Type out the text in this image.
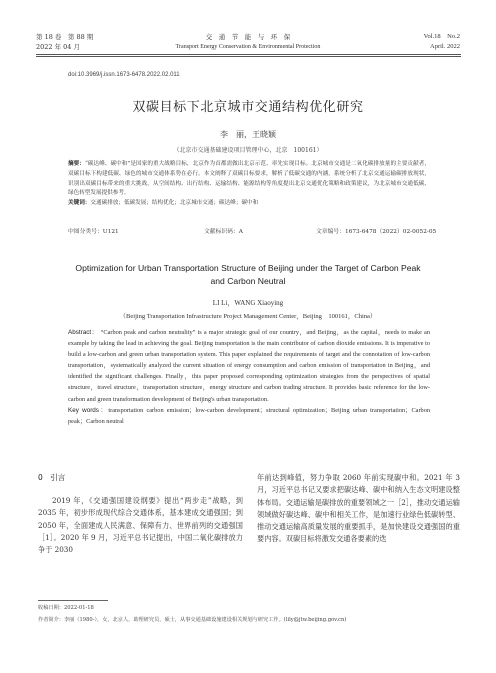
第 18 卷　第 88 期
2022 年 04 月
交　通　节　能　与　环　保
Transport Energy Conservation & Environmental Protection
Vol.18　No.2
April. 2022
doi:10.3969/j.issn.1673-6478.2022.02.011
双碳目标下北京城市交通结构优化研究
李　丽，王晓颖
（北京市交通基础建设项目管理中心，北京　100161）
摘要：“碳达峰、碳中和”是国家的重大战略目标，北京作为首都需做出北京示范、率先实现目标。北京城市交通是二氧化碳排放量的主要贡献者，双碳目标下构建低碳、绿色的城市交通体系势在必行。本文阐释了双碳目标要求，解析了低碳交通的内涵，系统分析了北京交通运输碳排放现状，识别出双碳目标带来的重大挑战。从空间结构、出行结构、运输结构、能源结构等角度提出北京交通优化策略和政策建议，为北京城市交通低碳、绿色转型发展提供参考。
关键词：交通碳排放；低碳发展；结构优化；北京城市交通；碳达峰；碳中和
中图分类号：U121	文献标识码：A	文章编号：1673-6478（2022）02-0052-05
Optimization for Urban Transportation Structure of Beijing under the Target of Carbon Peak
and Carbon Neutral
LI Li，WANG Xiaoying
（Beijing Transportation Infrastructure Project Management Center，Beijing　100161，China）
Abstract： “Carbon peak and carbon neutrality” is a major strategic goal of our country，and Beijing，as the capital，needs to make an example by taking the lead in achieving the goal. Beijing transportation is the main contributor of carbon dioxide emissions. It is imperative to build a low-carbon and green urban transportation system. This paper explained the requirements of target and the connotation of low-carbon transportation，systematically analyzed the current situation of energy consumption and carbon emission of transportation in Beijing，and identified the significant challenges. Finally，this paper proposed corresponding optimization strategies from the perspectives of spatial structure，travel structure，transportation structure，energy structure and carbon trading structure. It provides basic reference for the low-carbon and green transformation development of Beijing's urban transportation.
Key words：transportation carbon emission；low-carbon development；structural optimization；Beijing urban transportation；Carbon peak；Carbon neutral
0　引言
2019 年，《交通强国建设纲要》提出“两步走”战略，到 2035 年，初步形成现代综合交通体系，基本建成交通强国；到 2050 年，全面建成人民满意、保障有力、世界前列的交通强国［1］。2020 年 9 月，习近平总书记提出，中国二氧化碳排放力争于 2030
年前达到峰值，努力争取 2060 年前实现碳中和。2021 年 3 月，习近平总书记又要求把碳达峰、碳中和纳入生态文明建设整体布局。交通运输是碳排放的重要领域之一［2］，推动交通运输领域做好碳达峰、碳中和相关工作，是加速行业绿色低碳转型、推动交通运输高质量发展的重要抓手，是加快建设交通强国的重要内容。双碳目标将激发交通各要素的迭
收稿日期：2022-01-18
作者简介：李丽（1980-），女，北京人，助理研究员，硕士，从事交通基础设施建设相关规划与研究工作。(lily@jtw.beijing.gov.cn)
